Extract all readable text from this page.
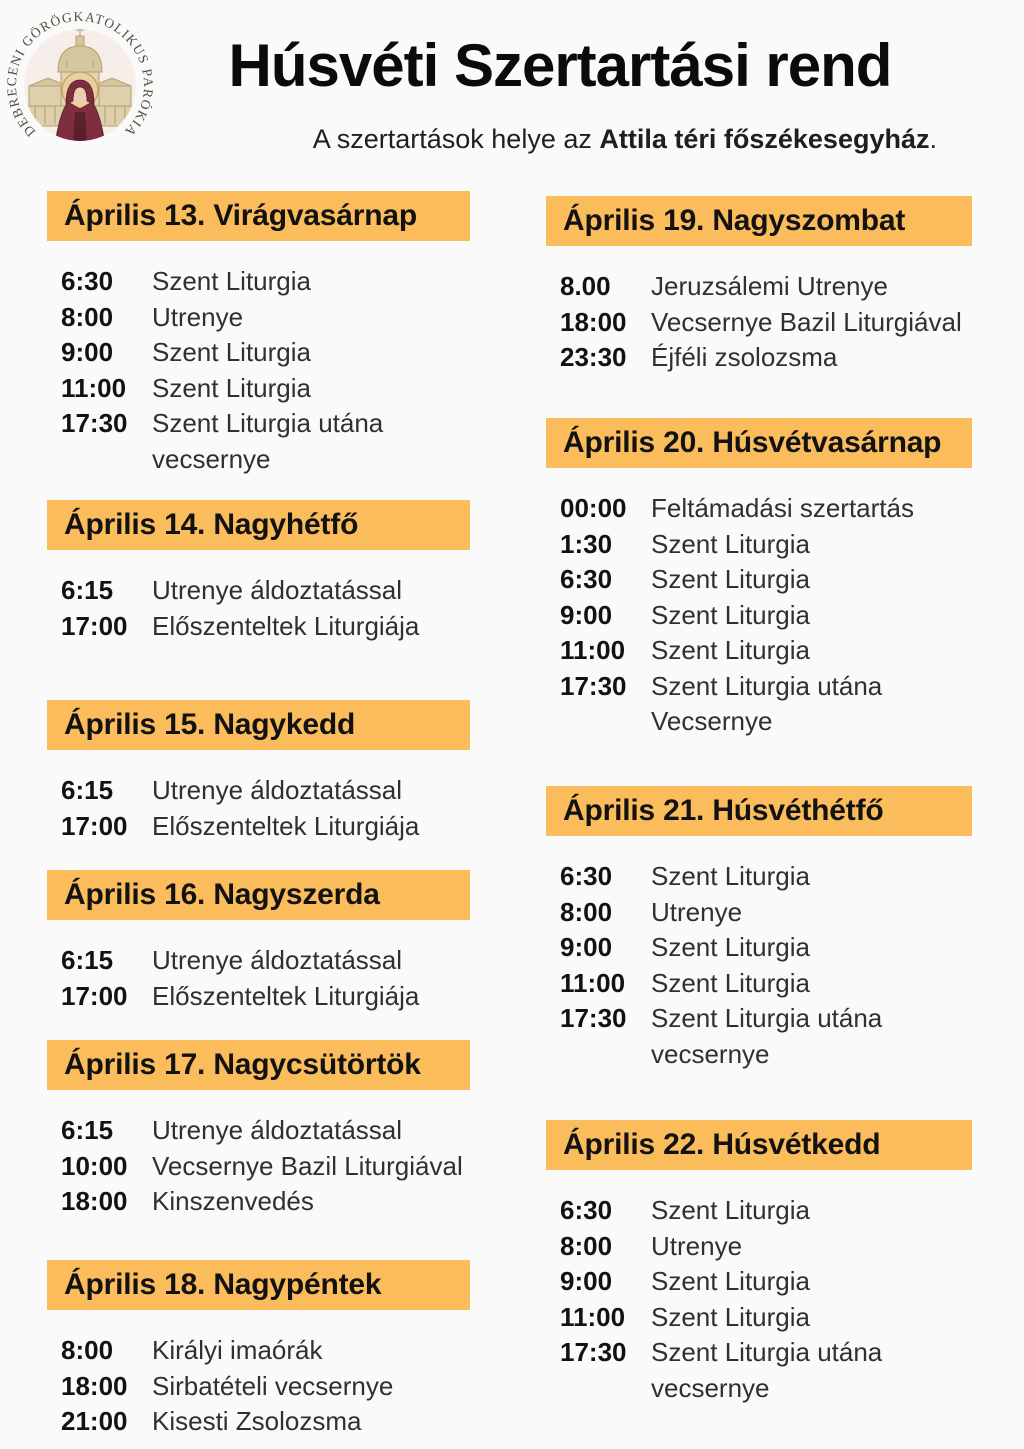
DEBRECENI GÖRÖGKATOLIKUS PARÓKIA
Húsvéti Szertartási rend

A szertartások helye az Attila téri főszékesegyház.

Április 13. Virágvasárnap
6:30	Szent Liturgia
8:00	Utrenye
9:00	Szent Liturgia
11:00 Szent Liturgia
17:30 Szent Liturgia utána vecsernye
Április 14. Nagyhétfő
6:15	Utrenye áldoztatással
17:00 Előszenteltek Liturgiája
Április 15. Nagykedd
6:15	Utrenye áldoztatással
17:00 Előszenteltek Liturgiája
Április 16. Nagyszerda
6:15	Utrenye áldoztatással
17:00 Előszenteltek Liturgiája
Április 17. Nagycsütörtök
6:15	Utrenye áldoztatással
10:00 Vecsernye Bazil Liturgiával
18:00 Kinszenvedés
Április 18. Nagypéntek
8:00	Királyi imaórák
18:00 Sirbatételi vecsernye
21:00 Kisesti Zsolozsma
Április 19. Nagyszombat
8.00	Jeruzsálemi Utrenye
18:00 Vecsernye Bazil Liturgiával
23:30 Éjféli zsolozsma
Április 20. Húsvétvasárnap
00:00 Feltámadási szertartás
1:30	Szent Liturgia
6:30	Szent Liturgia
9:00	Szent Liturgia
11:00 Szent Liturgia
17:30 Szent Liturgia utána Vecsernye
Április 21. Húsvéthétfő
6:30	Szent Liturgia
8:00	Utrenye
9:00	Szent Liturgia
11:00 Szent Liturgia
17:30 Szent Liturgia utána vecsernye
Április 22. Húsvétkedd
6:30	Szent Liturgia
8:00	Utrenye
9:00	Szent Liturgia
11:00 Szent Liturgia
17:30 Szent Liturgia utána vecsernye
